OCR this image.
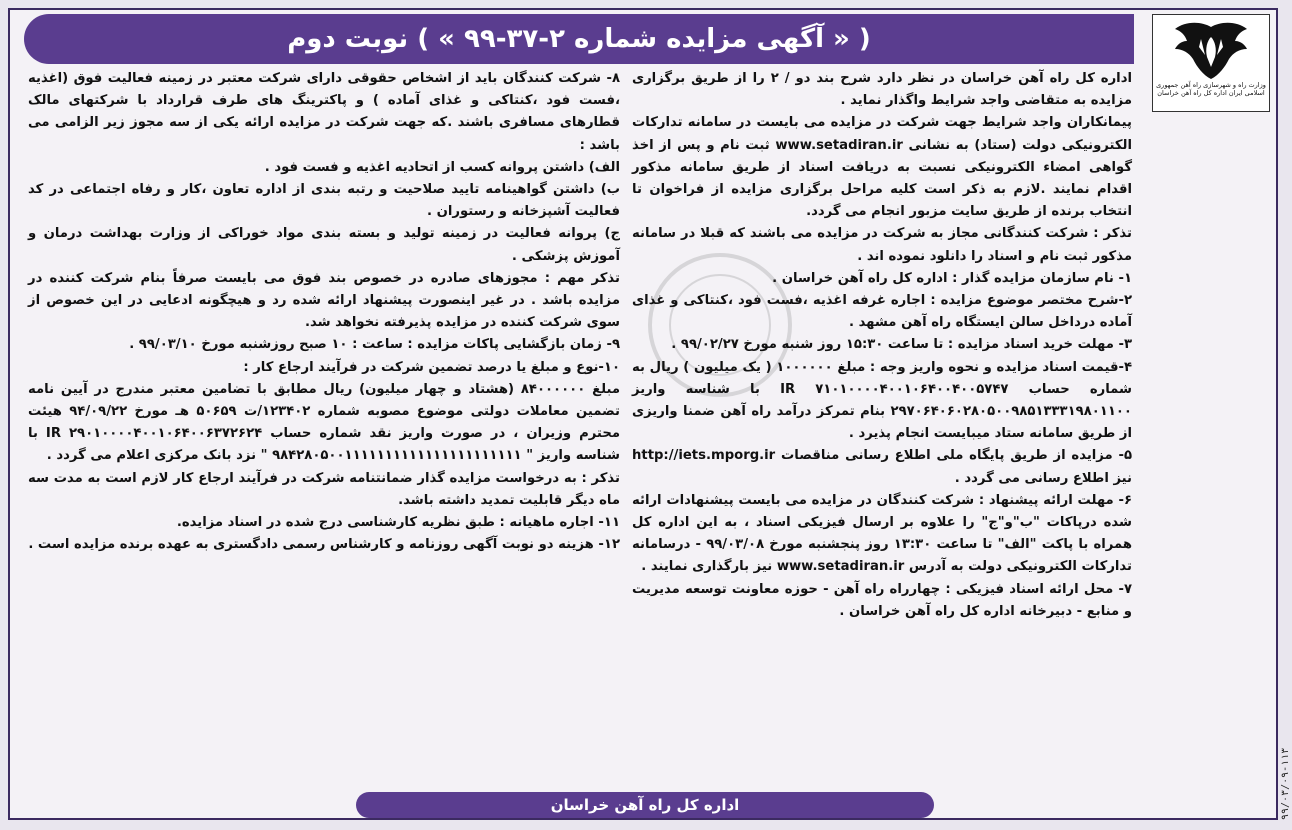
( « آگهی مزایده شماره ۲-۳۷-۹۹ » ) نوبت دوم
وزارت راه و شهرسازی راه آهن جمهوری اسلامی ایران اداره کل راه آهن خراسان
۹۹/۰۳/۰۹-۱۱۳

اداره کل راه آهن خراسان در نظر دارد شرح بند دو / ۲ را از طریق برگزاری مزایده به متقاضی واجد شرایط واگذار نماید .

پیمانکاران واجد شرایط جهت شرکت در مزایده می بایست در سامانه تدارکات الکترونیکی دولت (ستاد) به نشانی www.setadiran.ir ثبت نام و پس از اخذ گواهی امضاء الکترونیکی نسبت به دریافت اسناد از طریق سامانه مذکور اقدام نمایند .لازم به ذکر است کلیه مراحل برگزاری مزایده از فراخوان تا انتخاب برنده از طریق سایت مزبور انجام می گردد.

تذکر : شرکت کنندگانی مجاز به شرکت در مزایده می باشند که قبلا در سامانه مذکور ثبت نام و اسناد را دانلود نموده اند .

۱- نام سازمان مزایده گذار : اداره کل راه آهن خراسان .

۲-شرح مختصر موضوع مزایده : اجاره غرفه اغذیه ،فست فود ،کنتاکی و غذای آماده درداخل سالن ایستگاه راه آهن مشهد .

۳- مهلت خرید اسناد مزایده : تا ساعت ۱۵:۳۰ روز شنبه مورخ ۹۹/۰۲/۲۷ .

۴-قیمت اسناد مزایده و نحوه واریز وجه : مبلغ ۱۰۰۰۰۰۰ ( یک میلیون ) ریال به شماره حساب IR ۷۱۰۱۰۰۰۰۴۰۰۱۰۶۴۰۰۴۰۰۵۷۴۷ با شناسه واریز ۲۹۷۰۶۴۰۶۰۲۸۰۵۰۰۹۸۵۱۳۳۳۱۹۸۰۱۱۰۰ بنام تمرکز درآمد راه آهن ضمنا واریزی از طریق سامانه ستاد میبایست انجام پذیرد .

۵- مزایده از طریق پایگاه ملی اطلاع رسانی مناقصات http://iets.mporg.ir نیز اطلاع رسانی می گردد .

۶- مهلت ارائه پیشنهاد : شرکت کنندگان در مزایده می بایست پیشنهادات ارائه شده درپاکات "ب"و"ج" را علاوه بر ارسال فیزیکی اسناد ، به این اداره کل همراه با پاکت "الف" تا ساعت ۱۳:۳۰ روز پنجشنبه مورخ ۹۹/۰۳/۰۸ - درسامانه تدارکات الکترونیکی دولت به آدرس www.setadiran.ir نیز بارگذاری نمایند .

۷- محل ارائه اسناد فیزیکی : چهارراه راه آهن - حوزه معاونت توسعه مدیریت و منابع - دبیرخانه اداره کل راه آهن خراسان .

۸- شرکت کنندگان باید از اشخاص حقوقی دارای شرکت معتبر در زمینه فعالیت فوق (اغذیه ،فست فود ،کنتاکی و غذای آماده ) و پاکترینگ های طرف قرارداد با شرکتهای مالک قطارهای مسافری باشند .که جهت شرکت در مزایده ارائه یکی از سه مجوز زیر الزامی می باشد :

الف) داشتن پروانه کسب از اتحادیه اغذیه و فست فود .

ب) داشتن گواهینامه تایید صلاحیت و رتبه بندی از اداره تعاون ،کار و رفاه اجتماعی در کد فعالیت آشپزخانه و رستوران .

ج) پروانه فعالیت در زمینه تولید و بسته بندی مواد خوراکی از وزارت بهداشت درمان و آموزش پزشکی .

تذکر مهم : مجوزهای صادره در خصوص بند فوق می بایست صرفاً بنام شرکت کننده در مزایده باشد . در غیر اینصورت پیشنهاد ارائه شده رد و هیچگونه ادعایی در این خصوص از سوی شرکت کننده در مزایده پذیرفته نخواهد شد.

۹- زمان بازگشایی پاکات مزایده : ساعت : ۱۰ صبح روزشنبه مورخ ۹۹/۰۳/۱۰ .

۱۰-نوع و مبلغ یا درصد تضمین شرکت در فرآیند ارجاع کار :

مبلغ ۸۴۰۰۰۰۰۰ (هشتاد و چهار میلیون) ریال مطابق با تضامین معتبر مندرج در آیین نامه تضمین معاملات دولتی موضوع مصوبه شماره ۱۲۳۴۰۲/ت ۵۰۶۵۹ هـ مورخ ۹۴/۰۹/۲۲ هیئت محترم وزیران ، در صورت واریز نقد شماره حساب IR ۲۹۰۱۰۰۰۰۴۰۰۱۰۶۴۰۰۶۳۷۲۶۲۴ با شناسه واریز " ۹۸۴۲۸۰۵۰۰۱۱۱۱۱۱۱۱۱۱۱۱۱۱۱۱۱۱۱۱۱۱ " نزد بانک مرکزی اعلام می گردد .

تذکر : به درخواست مزایده گذار ضمانتنامه شرکت در فرآیند ارجاع کار لازم است به مدت سه ماه دیگر قابلیت تمدید داشته باشد.

۱۱- اجاره ماهیانه : طبق نظریه کارشناسی درج شده در اسناد مزایده.

۱۲- هزینه دو نوبت آگهی روزنامه و کارشناس رسمی دادگستری به عهده برنده مزایده است .

اداره کل راه آهن خراسان
